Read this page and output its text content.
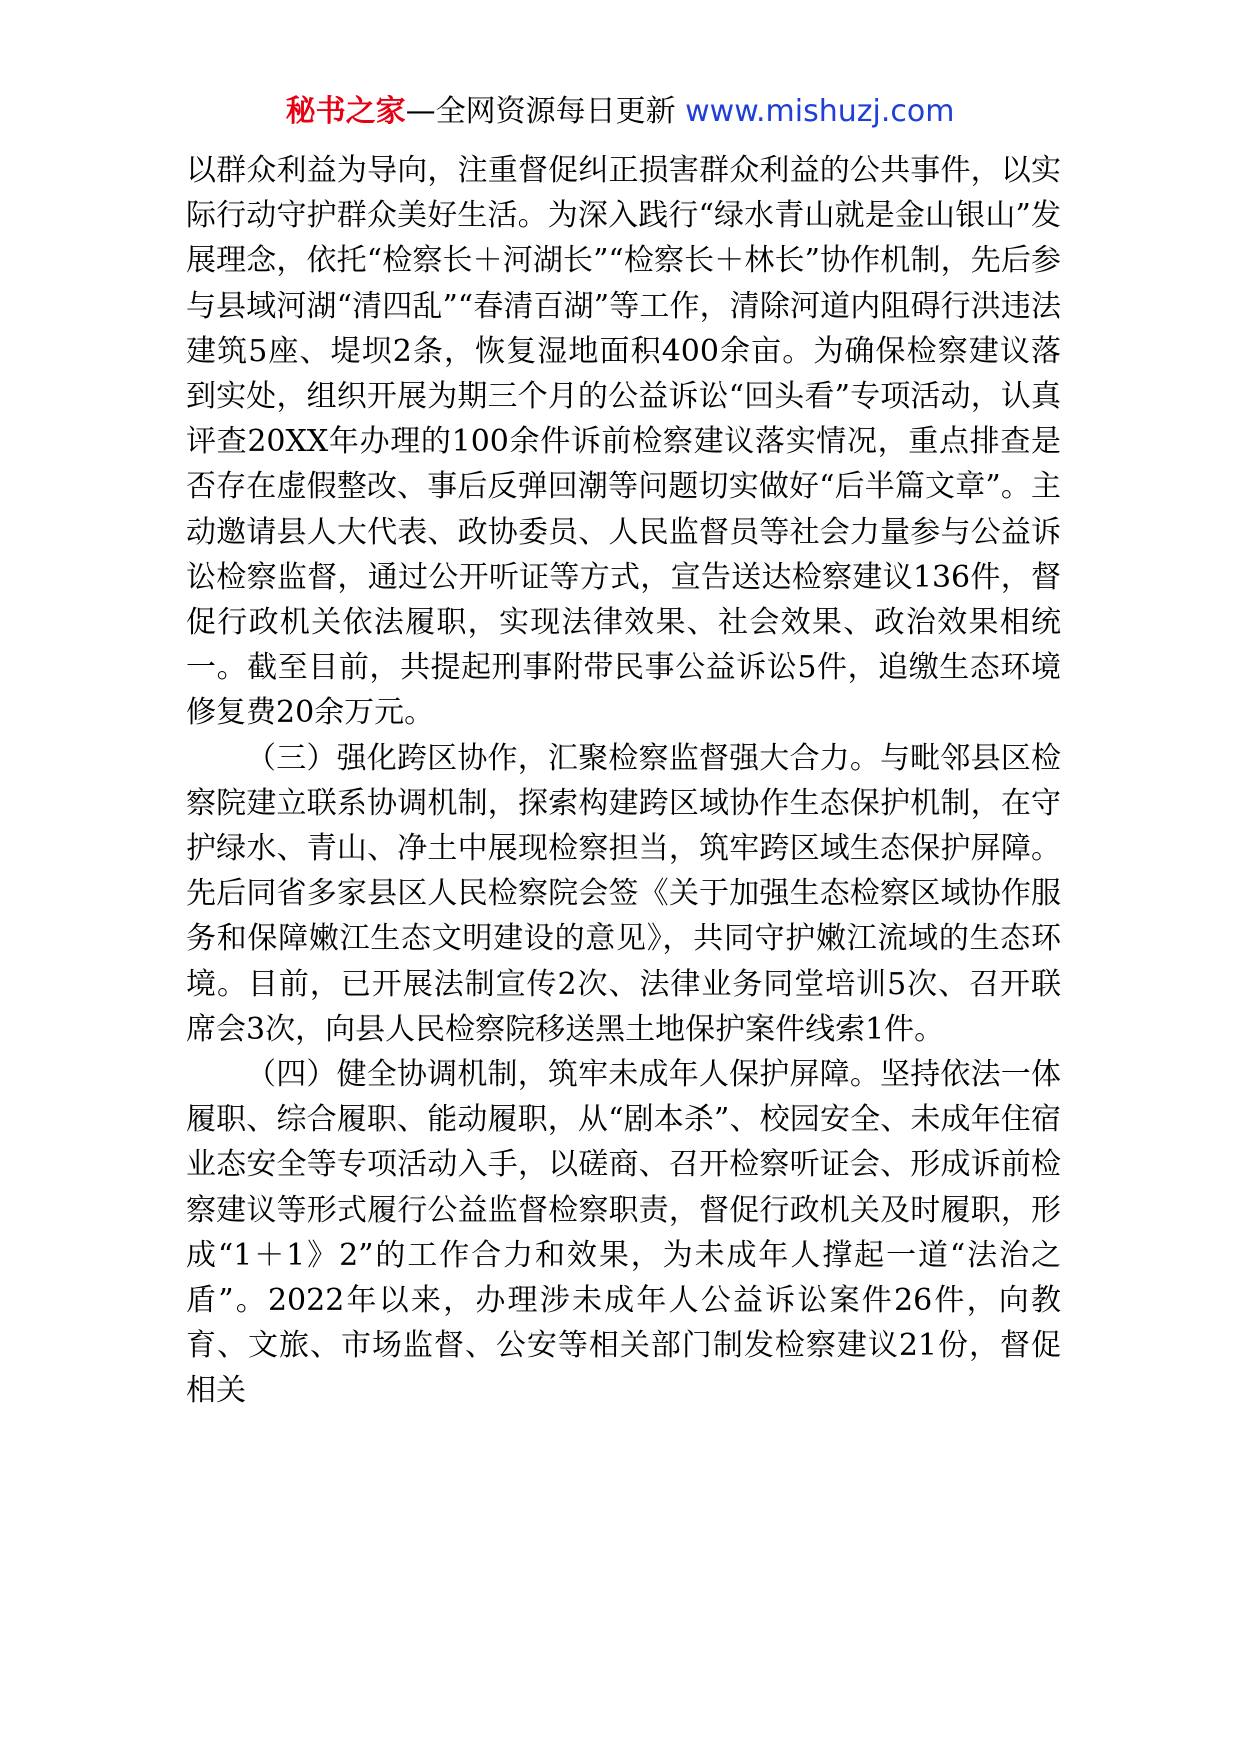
秘书之家—全网资源每日更新 www.mishuzj.com

以群众利益为导向，注重督促纠正损害群众利益的公共事件，以实际行动守护群众美好生活。为深入践行“绿水青山就是金山银山”发展理念，依托“检察长＋河湖长”“检察长＋林长”协作机制，先后参与县域河湖“清四乱”“春清百湖”等工作，清除河道内阻碍行洪违法建筑5座、堤坝2条，恢复湿地面积400余亩。为确保检察建议落到实处，组织开展为期三个月的公益诉讼“回头看”专项活动，认真评查20XX年办理的100余件诉前检察建议落实情况，重点排查是否存在虚假整改、事后反弹回潮等问题切实做好“后半篇文章”。主动邀请县人大代表、政协委员、人民监督员等社会力量参与公益诉讼检察监督，通过公开听证等方式，宣告送达检察建议136件，督促行政机关依法履职，实现法律效果、社会效果、政治效果相统一。截至目前，共提起刑事附带民事公益诉讼5件，追缴生态环境修复费20余万元。

（三）强化跨区协作，汇聚检察监督强大合力。与毗邻县区检察院建立联系协调机制，探索构建跨区域协作生态保护机制，在守护绿水、青山、净土中展现检察担当，筑牢跨区域生态保护屏障。先后同省多家县区人民检察院会签《关于加强生态检察区域协作服务和保障嫩江生态文明建设的意见》，共同守护嫩江流域的生态环境。目前，已开展法制宣传2次、法律业务同堂培训5次、召开联席会3次，向县人民检察院移送黑土地保护案件线索1件。

（四）健全协调机制，筑牢未成年人保护屏障。坚持依法一体履职、综合履职、能动履职，从“剧本杀”、校园安全、未成年住宿业态安全等专项活动入手，以磋商、召开检察听证会、形成诉前检察建议等形式履行公益监督检察职责，督促行政机关及时履职，形成“1＋1》2”的工作合力和效果，为未成年人撑起一道“法治之盾”。2022年以来，办理涉未成年人公益诉讼案件26件，向教育、文旅、市场监督、公安等相关部门制发检察建议21份，督促相关
